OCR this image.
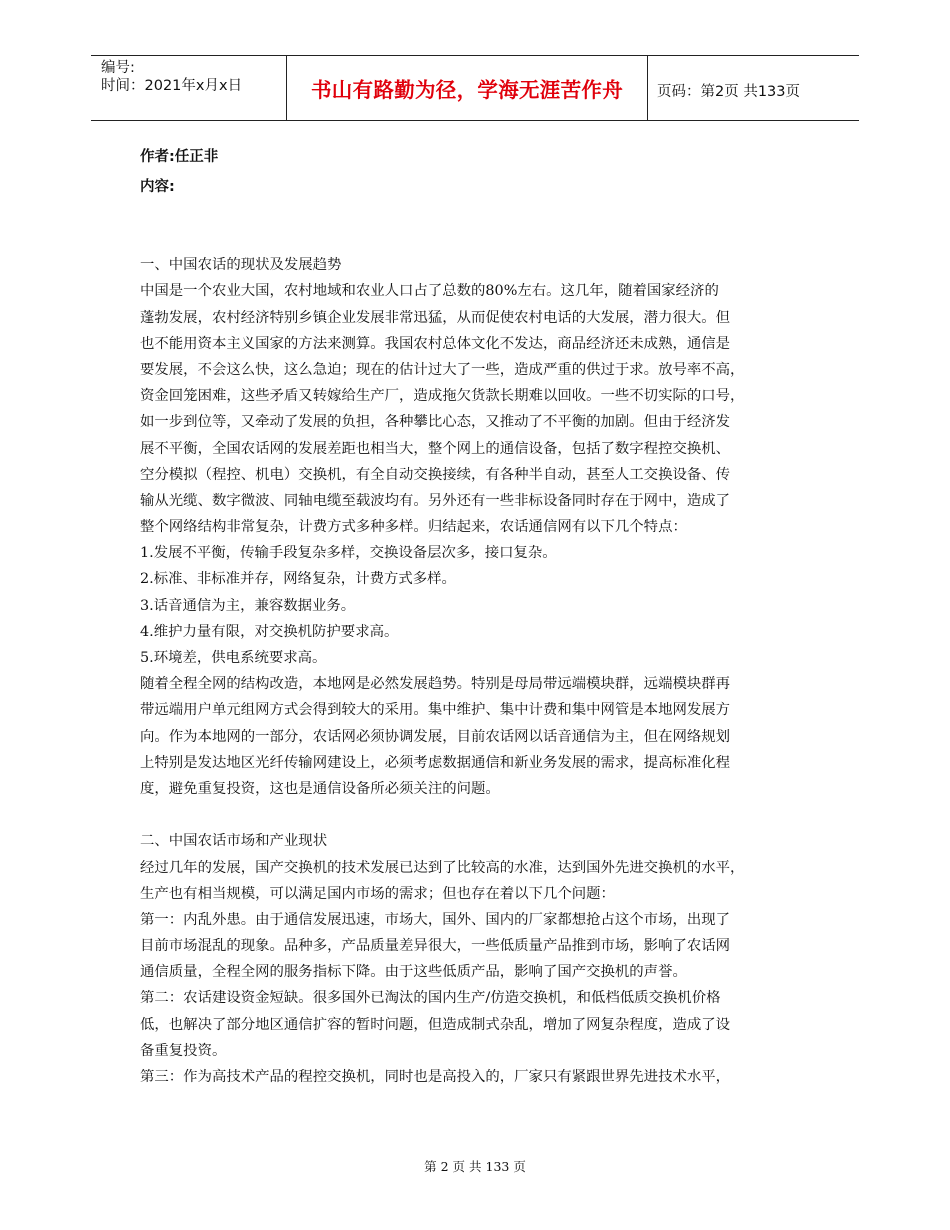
编号:
时间：2021年x月x日	书山有路勤为径，学海无涯苦作舟 页码：第2页 共133页
作者:任正非
内容:
一、中国农话的现状及发展趋势
中国是一个农业大国，农村地域和农业人口占了总数的80%左右。这几年，随着国家经济的
蓬勃发展，农村经济特别乡镇企业发展非常迅猛，从而促使农村电话的大发展，潜力很大。但
也不能用资本主义国家的方法来测算。我国农村总体文化不发达，商品经济还未成熟，通信是
要发展，不会这么快，这么急迫；现在的估计过大了一些，造成严重的供过于求。放号率不高，
资金回笼困难，这些矛盾又转嫁给生产厂，造成拖欠货款长期难以回收。一些不切实际的口号，
如一步到位等，又牵动了发展的负担，各种攀比心态，又推动了不平衡的加剧。但由于经济发
展不平衡，全国农话网的发展差距也相当大，整个网上的通信设备，包括了数字程控交换机、
空分模拟（程控、机电）交换机，有全自动交换接续，有各种半自动，甚至人工交换设备、传
输从光缆、数字微波、同轴电缆至载波均有。另外还有一些非标设备同时存在于网中，造成了
整个网络结构非常复杂，计费方式多种多样。归结起来，农话通信网有以下几个特点：
1.发展不平衡，传输手段复杂多样，交换设备层次多，接口复杂。
2.标准、非标准并存，网络复杂，计费方式多样。
3.话音通信为主，兼容数据业务。
4.维护力量有限，对交换机防护要求高。
5.环境差，供电系统要求高。
随着全程全网的结构改造，本地网是必然发展趋势。特别是母局带远端模块群，远端模块群再
带远端用户单元组网方式会得到较大的采用。集中维护、集中计费和集中网管是本地网发展方
向。作为本地网的一部分，农话网必须协调发展，目前农话网以话音通信为主，但在网络规划
上特别是发达地区光纤传输网建设上，必须考虑数据通信和新业务发展的需求，提高标准化程
度，避免重复投资，这也是通信设备所必须关注的问题。
二、中国农话市场和产业现状
经过几年的发展，国产交换机的技术发展已达到了比较高的水准，达到国外先进交换机的水平，
生产也有相当规模，可以满足国内市场的需求；但也存在着以下几个问题：
第一：内乱外患。由于通信发展迅速，市场大，国外、国内的厂家都想抢占这个市场，出现了
目前市场混乱的现象。品种多，产品质量差异很大，一些低质量产品推到市场，影响了农话网
通信质量，全程全网的服务指标下降。由于这些低质产品，影响了国产交换机的声誉。
第二：农话建设资金短缺。很多国外已淘汰的国内生产/仿造交换机，和低档低质交换机价格
低，也解决了部分地区通信扩容的暂时问题，但造成制式杂乱，增加了网复杂程度，造成了设
备重复投资。
第三：作为高技术产品的程控交换机，同时也是高投入的，厂家只有紧跟世界先进技术水平，
第 2 页 共 133 页
